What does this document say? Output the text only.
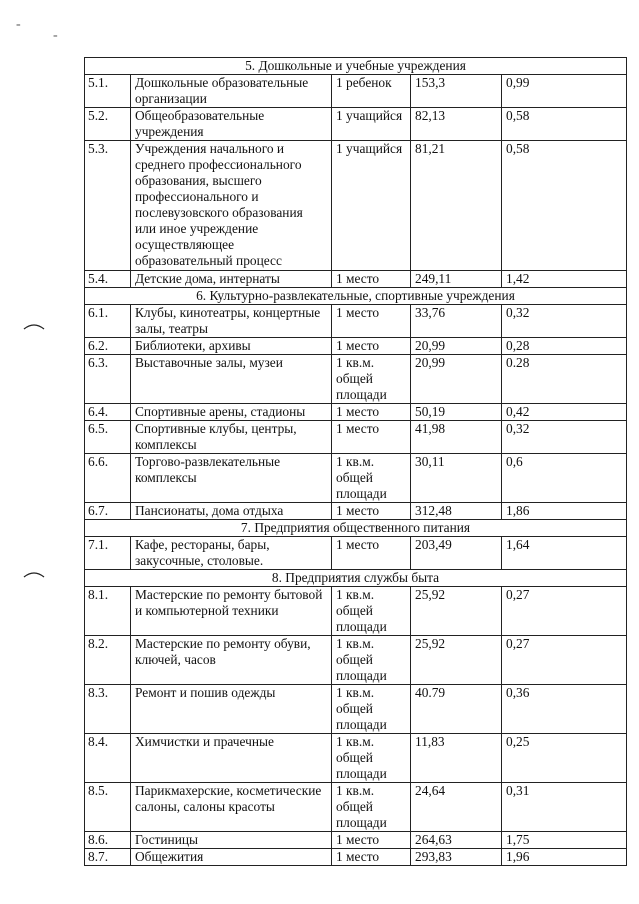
-
-
5. Дошкольные и учебные учреждения				
5.1.	Дошкольные образовательные организации	1 ребенок	153,3	0,99
5.2.	Общеобразовательные учреждения	1 учащийся	82,13	0,58
5.3.	Учреждения начального и среднего профессионального образования, высшего профессионального и послевузовского образования или иное учреждение осуществляющее образовательный процесс	1 учащийся	81,21	0,58
5.4.	Детские дома, интернаты	1 место	249,11	1,42
6. Культурно-развлекательные, спортивные учреждения				
6.1.	Клубы, кинотеатры, концертные залы, театры	1 место	33,76	0,32
6.2.	Библиотеки, архивы	1 место	20,99	0,28
6.3.	Выставочные залы, музеи	1 кв.м. общей площади	20,99	0.28
6.4.	Спортивные арены, стадионы	1 место	50,19	0,42
6.5.	Спортивные клубы, центры, комплексы	1 место	41,98	0,32
6.6.	Торгово-развлекательные комплексы	1 кв.м. общей площади	30,11	0,6
6.7.	Пансионаты, дома отдыха	1 место	312,48	1,86
7. Предприятия общественного питания				
7.1.	Кафе, рестораны, бары, закусочные, столовые.	1 место	203,49	1,64
8. Предприятия службы быта				
8.1.	Мастерские по ремонту бытовой и компьютерной техники	1 кв.м. общей площади	25,92	0,27
8.2.	Мастерские по ремонту обуви, ключей, часов	1 кв.м. общей площади	25,92	0,27
8.3.	Ремонт и пошив одежды	1 кв.м. общей площади	40.79	0,36
8.4.	Химчистки и прачечные	1 кв.м. общей площади	11,83	0,25
8.5.	Парикмахерские, косметические салоны, салоны красоты	1 кв.м. общей площади	24,64	0,31
8.6.	Гостиницы	1 место	264,63	1,75
8.7.	Общежития	1 место	293,83	1,96
